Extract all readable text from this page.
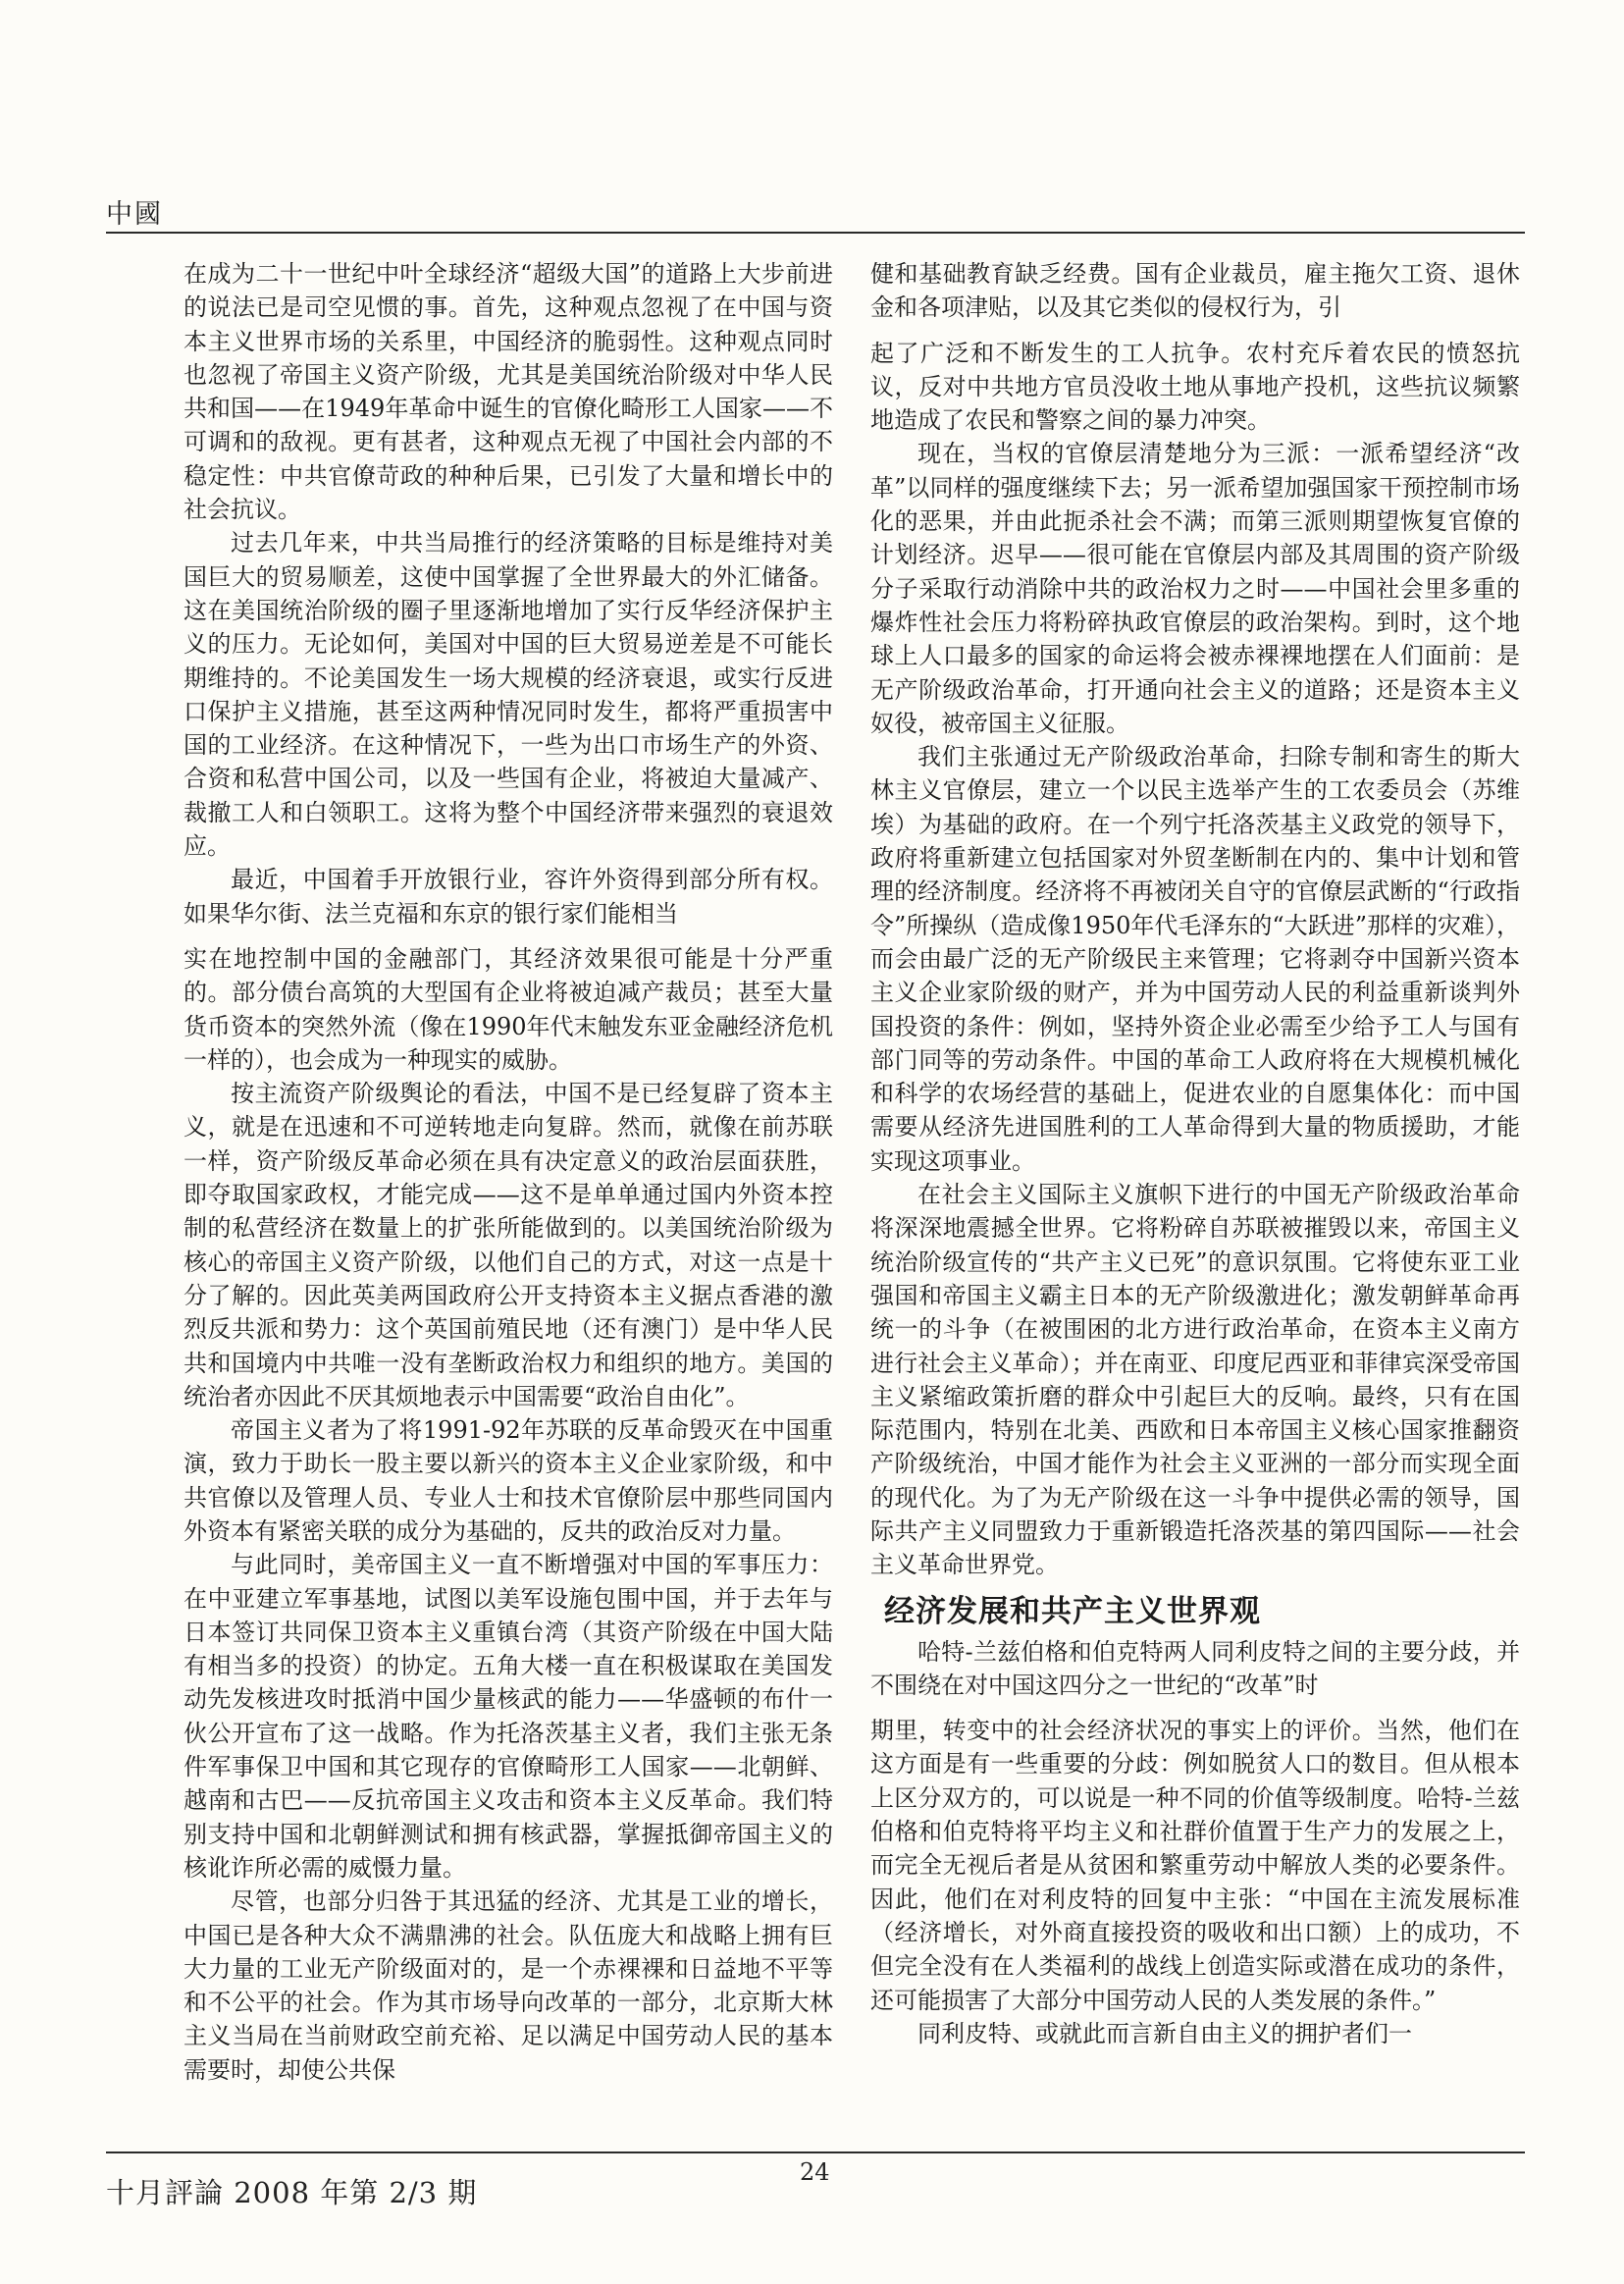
中國

在成为二十一世纪中叶全球经济“超级大国”的道路上大步前进的说法已是司空见惯的事。首先，这种观点忽视了在中国与资本主义世界市场的关系里，中国经济的脆弱性。这种观点同时也忽视了帝国主义资产阶级，尤其是美国统治阶级对中华人民共和国——在1949年革命中诞生的官僚化畸形工人国家——不可调和的敌视。更有甚者，这种观点无视了中国社会内部的不稳定性：中共官僚苛政的种种后果，已引发了大量和增长中的社会抗议。

过去几年来，中共当局推行的经济策略的目标是维持对美国巨大的贸易顺差，这使中国掌握了全世界最大的外汇储备。这在美国统治阶级的圈子里逐渐地增加了实行反华经济保护主义的压力。无论如何，美国对中国的巨大贸易逆差是不可能长期维持的。不论美国发生一场大规模的经济衰退，或实行反进口保护主义措施，甚至这两种情况同时发生，都将严重损害中国的工业经济。在这种情况下，一些为出口市场生产的外资、合资和私营中国公司，以及一些国有企业，将被迫大量减产、裁撤工人和白领职工。这将为整个中国经济带来强烈的衰退效应。

最近，中国着手开放银行业，容许外资得到部分所有权。如果华尔街、法兰克福和东京的银行家们能相当

实在地控制中国的金融部门，其经济效果很可能是十分严重的。部分债台高筑的大型国有企业将被迫减产裁员；甚至大量货币资本的突然外流（像在1990年代末触发东亚金融经济危机一样的），也会成为一种现实的威胁。

按主流资产阶级舆论的看法，中国不是已经复辟了资本主义，就是在迅速和不可逆转地走向复辟。然而，就像在前苏联一样，资产阶级反革命必须在具有决定意义的政治层面获胜，即夺取国家政权，才能完成——这不是单单通过国内外资本控制的私营经济在数量上的扩张所能做到的。以美国统治阶级为核心的帝国主义资产阶级，以他们自己的方式，对这一点是十分了解的。因此英美两国政府公开支持资本主义据点香港的激烈反共派和势力：这个英国前殖民地（还有澳门）是中华人民共和国境内中共唯一没有垄断政治权力和组织的地方。美国的统治者亦因此不厌其烦地表示中国需要“政治自由化”。

帝国主义者为了将1991-92年苏联的反革命毁灭在中国重演，致力于助长一股主要以新兴的资本主义企业家阶级，和中共官僚以及管理人员、专业人士和技术官僚阶层中那些同国内外资本有紧密关联的成分为基础的，反共的政治反对力量。

与此同时，美帝国主义一直不断增强对中国的军事压力：在中亚建立军事基地，试图以美军设施包围中国，并于去年与日本签订共同保卫资本主义重镇台湾（其资产阶级在中国大陆有相当多的投资）的协定。五角大楼一直在积极谋取在美国发动先发核进攻时抵消中国少量核武的能力——华盛顿的布什一伙公开宣布了这一战略。作为托洛茨基主义者，我们主张无条件军事保卫中国和其它现存的官僚畸形工人国家——北朝鲜、越南和古巴——反抗帝国主义攻击和资本主义反革命。我们特别支持中国和北朝鲜测试和拥有核武器，掌握抵御帝国主义的核讹诈所必需的威慑力量。

尽管，也部分归咎于其迅猛的经济、尤其是工业的增长，中国已是各种大众不满鼎沸的社会。队伍庞大和战略上拥有巨大力量的工业无产阶级面对的，是一个赤裸裸和日益地不平等和不公平的社会。作为其市场导向改革的一部分，北京斯大林主义当局在当前财政空前充裕、足以满足中国劳动人民的基本需要时，却使公共保

健和基础教育缺乏经费。国有企业裁员，雇主拖欠工资、退休金和各项津贴，以及其它类似的侵权行为，引

起了广泛和不断发生的工人抗争。农村充斥着农民的愤怒抗议，反对中共地方官员没收土地从事地产投机，这些抗议频繁地造成了农民和警察之间的暴力冲突。

现在，当权的官僚层清楚地分为三派：一派希望经济“改革”以同样的强度继续下去；另一派希望加强国家干预控制市场化的恶果，并由此扼杀社会不满；而第三派则期望恢复官僚的计划经济。迟早——很可能在官僚层内部及其周围的资产阶级分子采取行动消除中共的政治权力之时——中国社会里多重的爆炸性社会压力将粉碎执政官僚层的政治架构。到时，这个地球上人口最多的国家的命运将会被赤裸裸地摆在人们面前：是无产阶级政治革命，打开通向社会主义的道路；还是资本主义奴役，被帝国主义征服。

我们主张通过无产阶级政治革命，扫除专制和寄生的斯大林主义官僚层，建立一个以民主选举产生的工农委员会（苏维埃）为基础的政府。在一个列宁托洛茨基主义政党的领导下，政府将重新建立包括国家对外贸垄断制在内的、集中计划和管理的经济制度。经济将不再被闭关自守的官僚层武断的“行政指令”所操纵（造成像1950年代毛泽东的“大跃进”那样的灾难），而会由最广泛的无产阶级民主来管理；它将剥夺中国新兴资本主义企业家阶级的财产，并为中国劳动人民的利益重新谈判外国投资的条件：例如，坚持外资企业必需至少给予工人与国有部门同等的劳动条件。中国的革命工人政府将在大规模机械化和科学的农场经营的基础上，促进农业的自愿集体化：而中国需要从经济先进国胜利的工人革命得到大量的物质援助，才能实现这项事业。

在社会主义国际主义旗帜下进行的中国无产阶级政治革命将深深地震撼全世界。它将粉碎自苏联被摧毁以来，帝国主义统治阶级宣传的“共产主义已死”的意识氛围。它将使东亚工业强国和帝国主义霸主日本的无产阶级激进化；激发朝鲜革命再统一的斗争（在被围困的北方进行政治革命，在资本主义南方进行社会主义革命）；并在南亚、印度尼西亚和菲律宾深受帝国主义紧缩政策折磨的群众中引起巨大的反响。最终，只有在国际范围内，特别在北美、西欧和日本帝国主义核心国家推翻资产阶级统治，中国才能作为社会主义亚洲的一部分而实现全面的现代化。为了为无产阶级在这一斗争中提供必需的领导，国际共产主义同盟致力于重新锻造托洛茨基的第四国际——社会主义革命世界党。

经济发展和共产主义世界观

哈特-兰兹伯格和伯克特两人同利皮特之间的主要分歧，并不围绕在对中国这四分之一世纪的“改革”时

期里，转变中的社会经济状况的事实上的评价。当然，他们在这方面是有一些重要的分歧：例如脱贫人口的数目。但从根本上区分双方的，可以说是一种不同的价值等级制度。哈特-兰兹伯格和伯克特将平均主义和社群价值置于生产力的发展之上，而完全无视后者是从贫困和繁重劳动中解放人类的必要条件。因此，他们在对利皮特的回复中主张：“中国在主流发展标准（经济增长，对外商直接投资的吸收和出口额）上的成功，不但完全没有在人类福利的战线上创造实际或潜在成功的条件，还可能损害了大部分中国劳动人民的人类发展的条件。”

同利皮特、或就此而言新自由主义的拥护者们一

十月評論 2008 年第 2/3 期
24
